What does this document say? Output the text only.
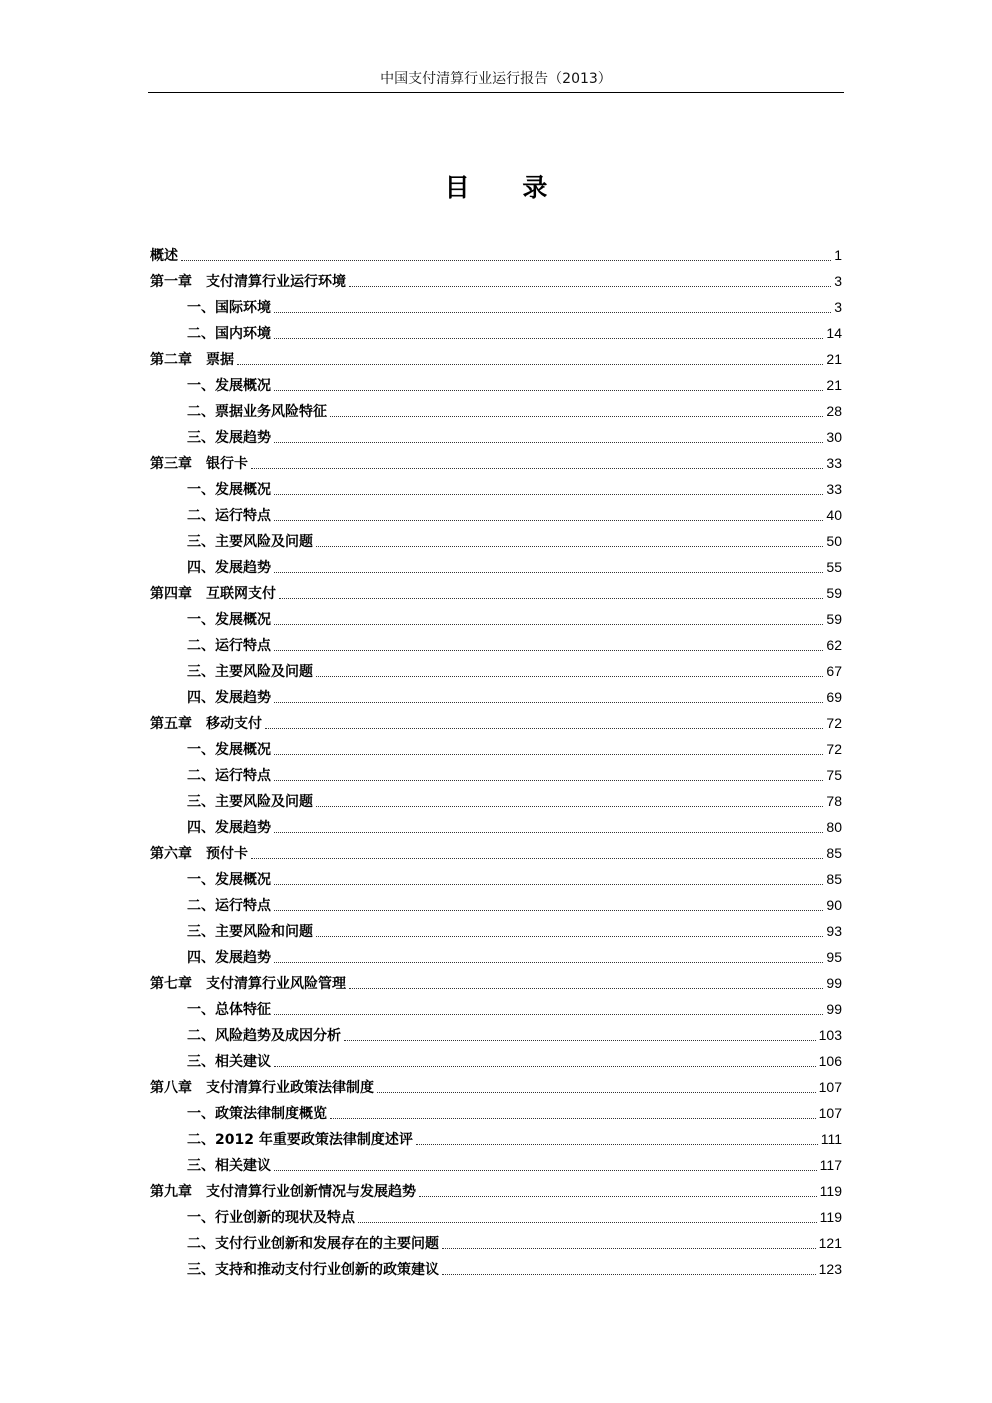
中国支付清算行业运行报告（2013）
目 录
概述	1
第一章 支付清算行业运行环境	3
一、国际环境	3
二、国内环境	14
第二章 票据	21
一、发展概况	21
二、票据业务风险特征	28
三、发展趋势	30
第三章 银行卡	33
一、发展概况	33
二、运行特点	40
三、主要风险及问题	50
四、发展趋势	55
第四章 互联网支付	59
一、发展概况	59
二、运行特点	62
三、主要风险及问题	67
四、发展趋势	69
第五章 移动支付	72
一、发展概况	72
二、运行特点	75
三、主要风险及问题	78
四、发展趋势	80
第六章 预付卡	85
一、发展概况	85
二、运行特点	90
三、主要风险和问题	93
四、发展趋势	95
第七章 支付清算行业风险管理	99
一、总体特征	99
二、风险趋势及成因分析	103
三、相关建议	106
第八章 支付清算行业政策法律制度	107
一、政策法律制度概览	107
二、2012 年重要政策法律制度述评	111
三、相关建议	117
第九章 支付清算行业创新情况与发展趋势	119
一、行业创新的现状及特点	119
二、支付行业创新和发展存在的主要问题	121
三、支持和推动支付行业创新的政策建议	123
